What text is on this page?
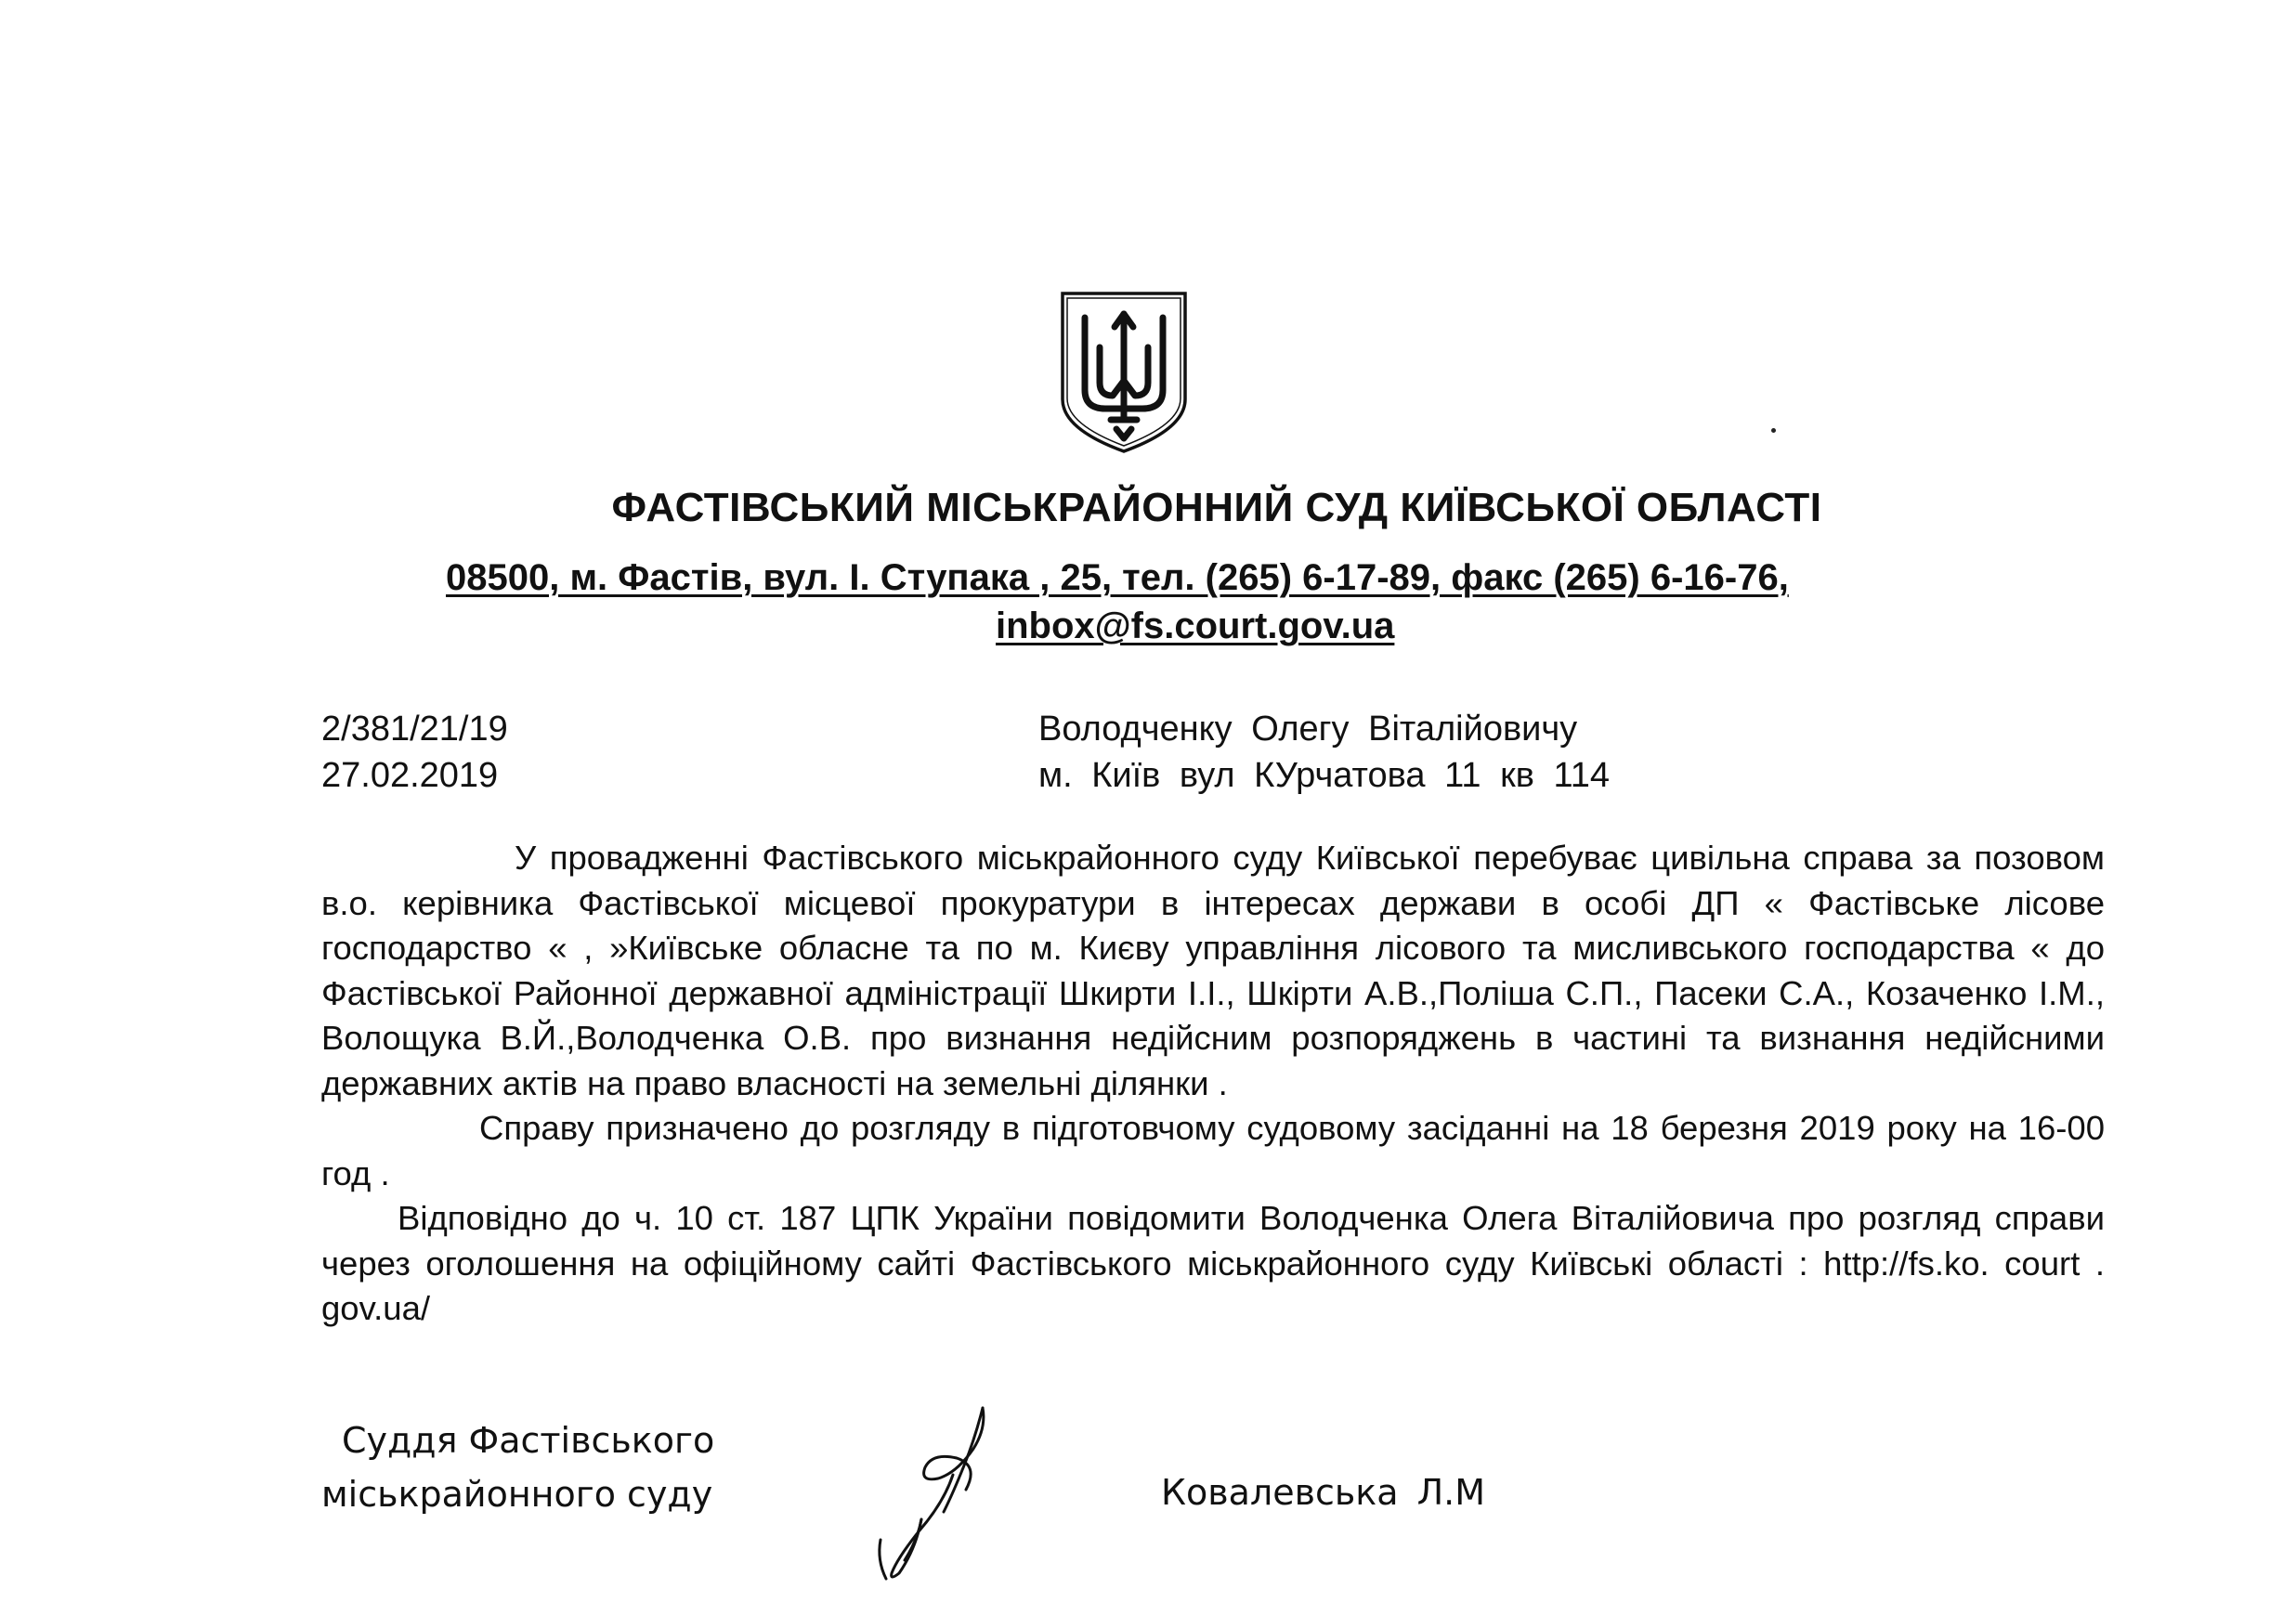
ФАСТІВСЬКИЙ МІСЬКРАЙОННИЙ СУД КИЇВСЬКОЇ ОБЛАСТІ
08500, м. Фастів, вул. І. Ступака , 25, тел. (265) 6-17-89, факс (265) 6-16-76,
inbox@fs.court.gov.ua
2/381/21/19
27.02.2019
Володченку Олегу Віталійовичу
м. Київ вул КУрчатова 11 кв 114

У провадженні Фастівського міськрайонного суду Київської перебуває цивільна справа за позовом в.о. керівника Фастівської місцевої прокуратури в інтересах держави в особі ДП « Фастівське лісове господарство « , »Київське обласне та по м. Києву управління лісового та мисливського господарства « до Фастівської Районної державної адміністрації Шкирти І.І., Шкірти А.В.,Поліша С.П., Пасеки С.А., Козаченко І.М., Волощука В.Й.,Володченка О.В. про визнання недійсним розпоряджень в частині та визнання недійсними державних актів на право власності на земельні ділянки .

Справу призначено до розгляду в підготовчому судовому засіданні на 18 березня 2019 року на 16-00 год .

Відповідно до ч. 10 ст. 187 ЦПК України повідомити Володченка Олега Віталійовича про розгляд справи через оголошення на офіційному сайті Фастівського міськрайонного суду Київські області : http://fs.ko. court . gov.ua/

Суддя Фастівського
міськрайонного суду	Ковалевська Л.М
